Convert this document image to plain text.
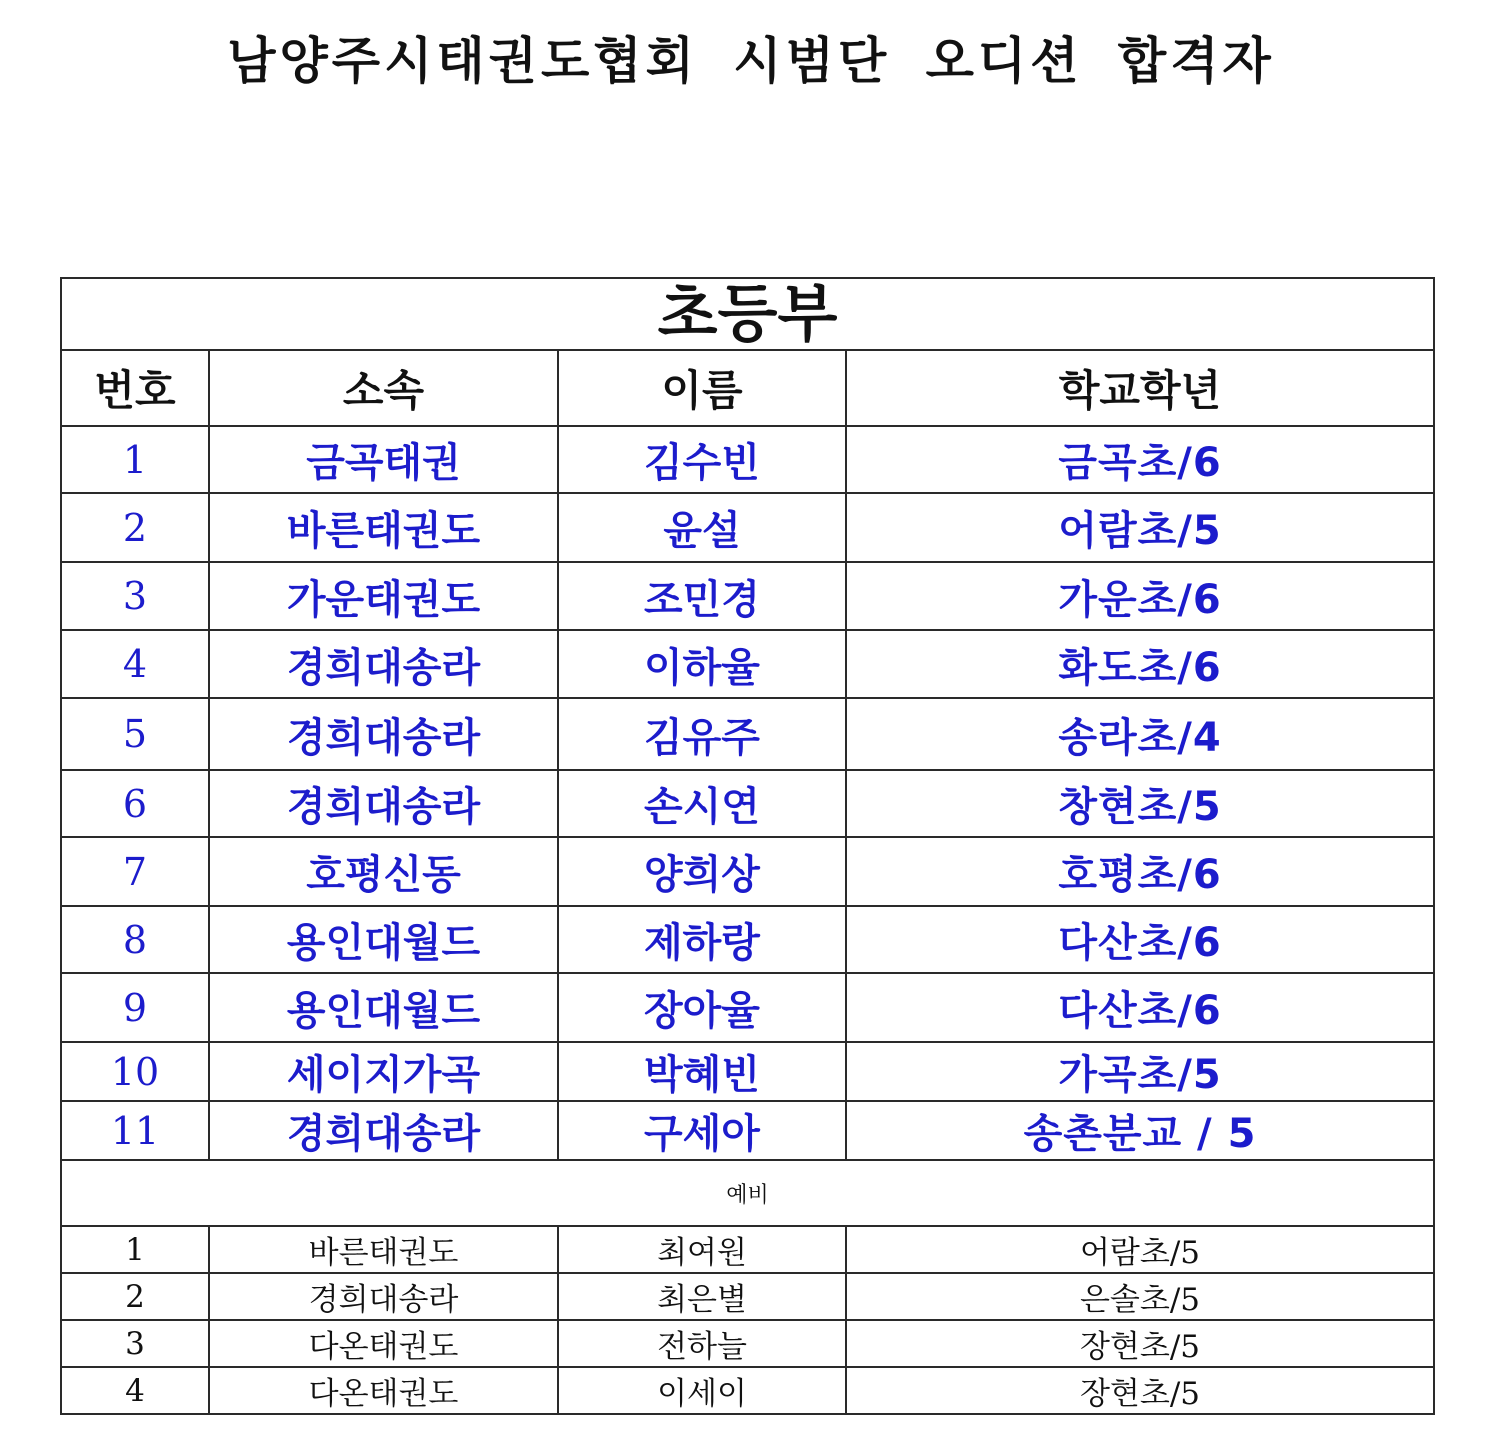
남양주시태권도협회 시범단 오디션 합격자
초등부			
번호	소속	이름	학교학년
1	금곡태권	김수빈	금곡초/6
2	바른태권도	윤설	어람초/5
3	가운태권도	조민경	가운초/6
4	경희대송라	이하율	화도초/6
5	경희대송라	김유주	송라초/4
6	경희대송라	손시연	창현초/5
7	호평신동	양희상	호평초/6
8	용인대월드	제하랑	다산초/6
9	용인대월드	장아율	다산초/6
10	세이지가곡	박혜빈	가곡초/5
11	경희대송라	구세아	송촌분교 / 5
예비			
1	바른태권도	최여원	어람초/5
2	경희대송라	최은별	은솔초/5
3	다온태권도	전하늘	장현초/5
4	다온태권도	이세이	장현초/5
